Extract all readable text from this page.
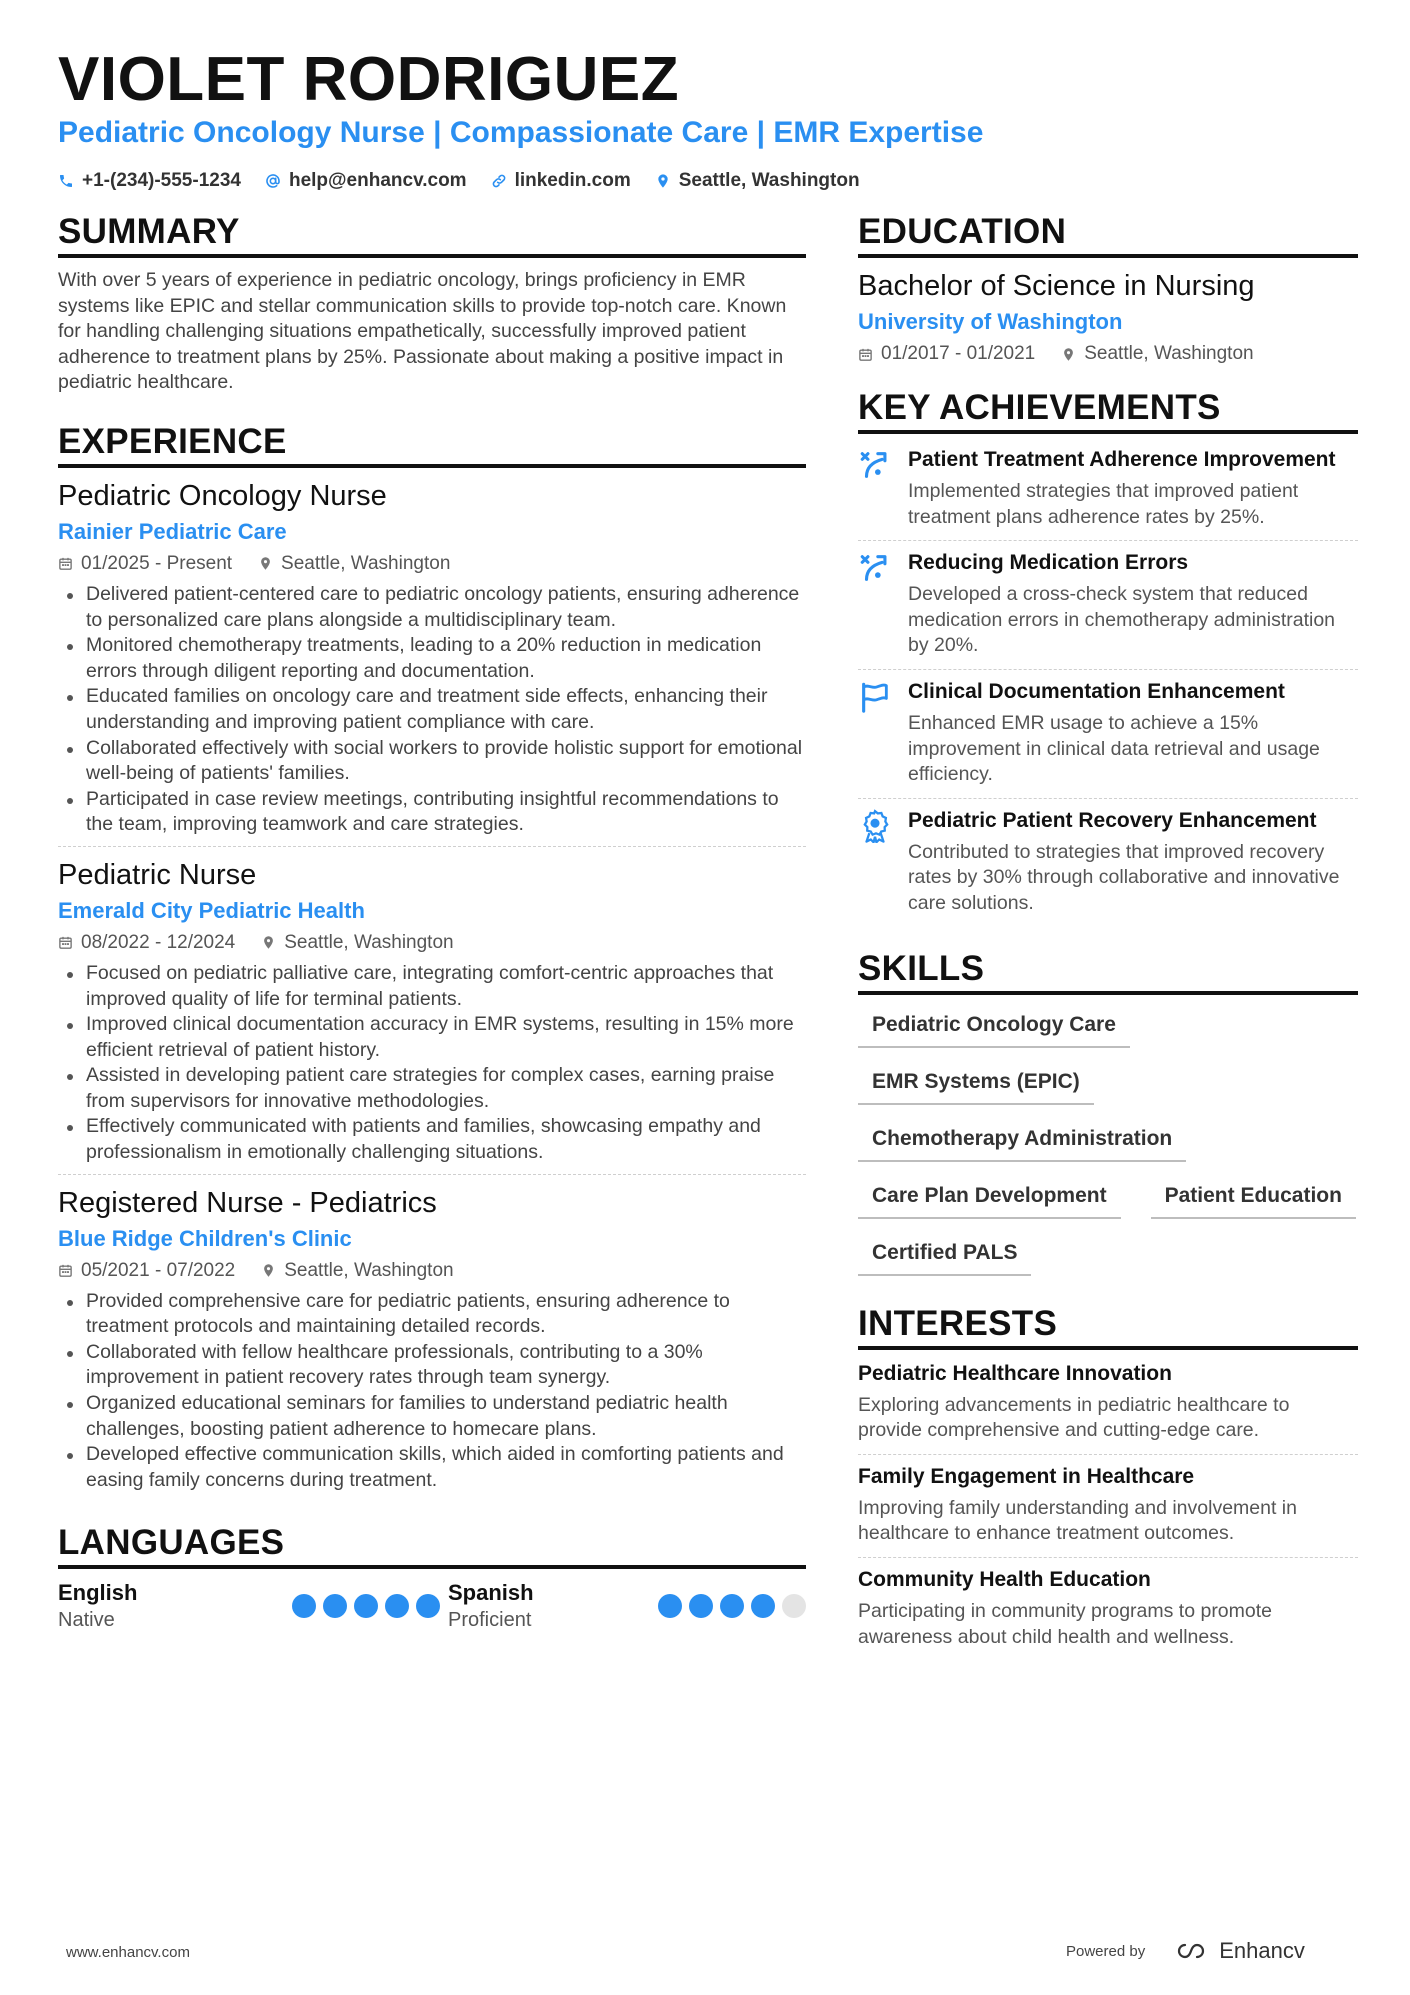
VIOLET RODRIGUEZ
Pediatric Oncology Nurse | Compassionate Care | EMR Expertise
+1-(234)-555-1234	help@enhancv.com	linkedin.com	Seattle, Washington
SUMMARY
With over 5 years of experience in pediatric oncology, brings proficiency in EMR systems like EPIC and stellar communication skills to provide top-notch care. Known for handling challenging situations empathetically, successfully improved patient adherence to treatment plans by 25%. Passionate about making a positive impact in pediatric healthcare.
EXPERIENCE
Pediatric Oncology Nurse
Rainier Pediatric Care
01/2025 - Present	Seattle, Washington
Delivered patient-centered care to pediatric oncology patients, ensuring adherence to personalized care plans alongside a multidisciplinary team.
Monitored chemotherapy treatments, leading to a 20% reduction in medication errors through diligent reporting and documentation.
Educated families on oncology care and treatment side effects, enhancing their understanding and improving patient compliance with care.
Collaborated effectively with social workers to provide holistic support for emotional well-being of patients' families.
Participated in case review meetings, contributing insightful recommendations to the team, improving teamwork and care strategies.
Pediatric Nurse
Emerald City Pediatric Health
08/2022 - 12/2024	Seattle, Washington
Focused on pediatric palliative care, integrating comfort-centric approaches that improved quality of life for terminal patients.
Improved clinical documentation accuracy in EMR systems, resulting in 15% more efficient retrieval of patient history.
Assisted in developing patient care strategies for complex cases, earning praise from supervisors for innovative methodologies.
Effectively communicated with patients and families, showcasing empathy and professionalism in emotionally challenging situations.
Registered Nurse - Pediatrics
Blue Ridge Children's Clinic
05/2021 - 07/2022	Seattle, Washington
Provided comprehensive care for pediatric patients, ensuring adherence to treatment protocols and maintaining detailed records.
Collaborated with fellow healthcare professionals, contributing to a 30% improvement in patient recovery rates through team synergy.
Organized educational seminars for families to understand pediatric health challenges, boosting patient adherence to homecare plans.
Developed effective communication skills, which aided in comforting patients and easing family concerns during treatment.
LANGUAGES
English
Native
Spanish
Proficient
EDUCATION
Bachelor of Science in Nursing
University of Washington
01/2017 - 01/2021	Seattle, Washington
KEY ACHIEVEMENTS
Patient Treatment Adherence Improvement
Implemented strategies that improved patient treatment plans adherence rates by 25%.
Reducing Medication Errors
Developed a cross-check system that reduced medication errors in chemotherapy administration by 20%.
Clinical Documentation Enhancement
Enhanced EMR usage to achieve a 15% improvement in clinical data retrieval and usage efficiency.
Pediatric Patient Recovery Enhancement
Contributed to strategies that improved recovery rates by 30% through collaborative and innovative care solutions.
SKILLS
Pediatric Oncology Care
EMR Systems (EPIC)
Chemotherapy Administration
Care Plan Development	Patient Education
Certified PALS
INTERESTS
Pediatric Healthcare Innovation
Exploring advancements in pediatric healthcare to provide comprehensive and cutting-edge care.
Family Engagement in Healthcare
Improving family understanding and involvement in healthcare to enhance treatment outcomes.
Community Health Education
Participating in community programs to promote awareness about child health and wellness.
www.enhancv.com	Powered by	Enhancv
